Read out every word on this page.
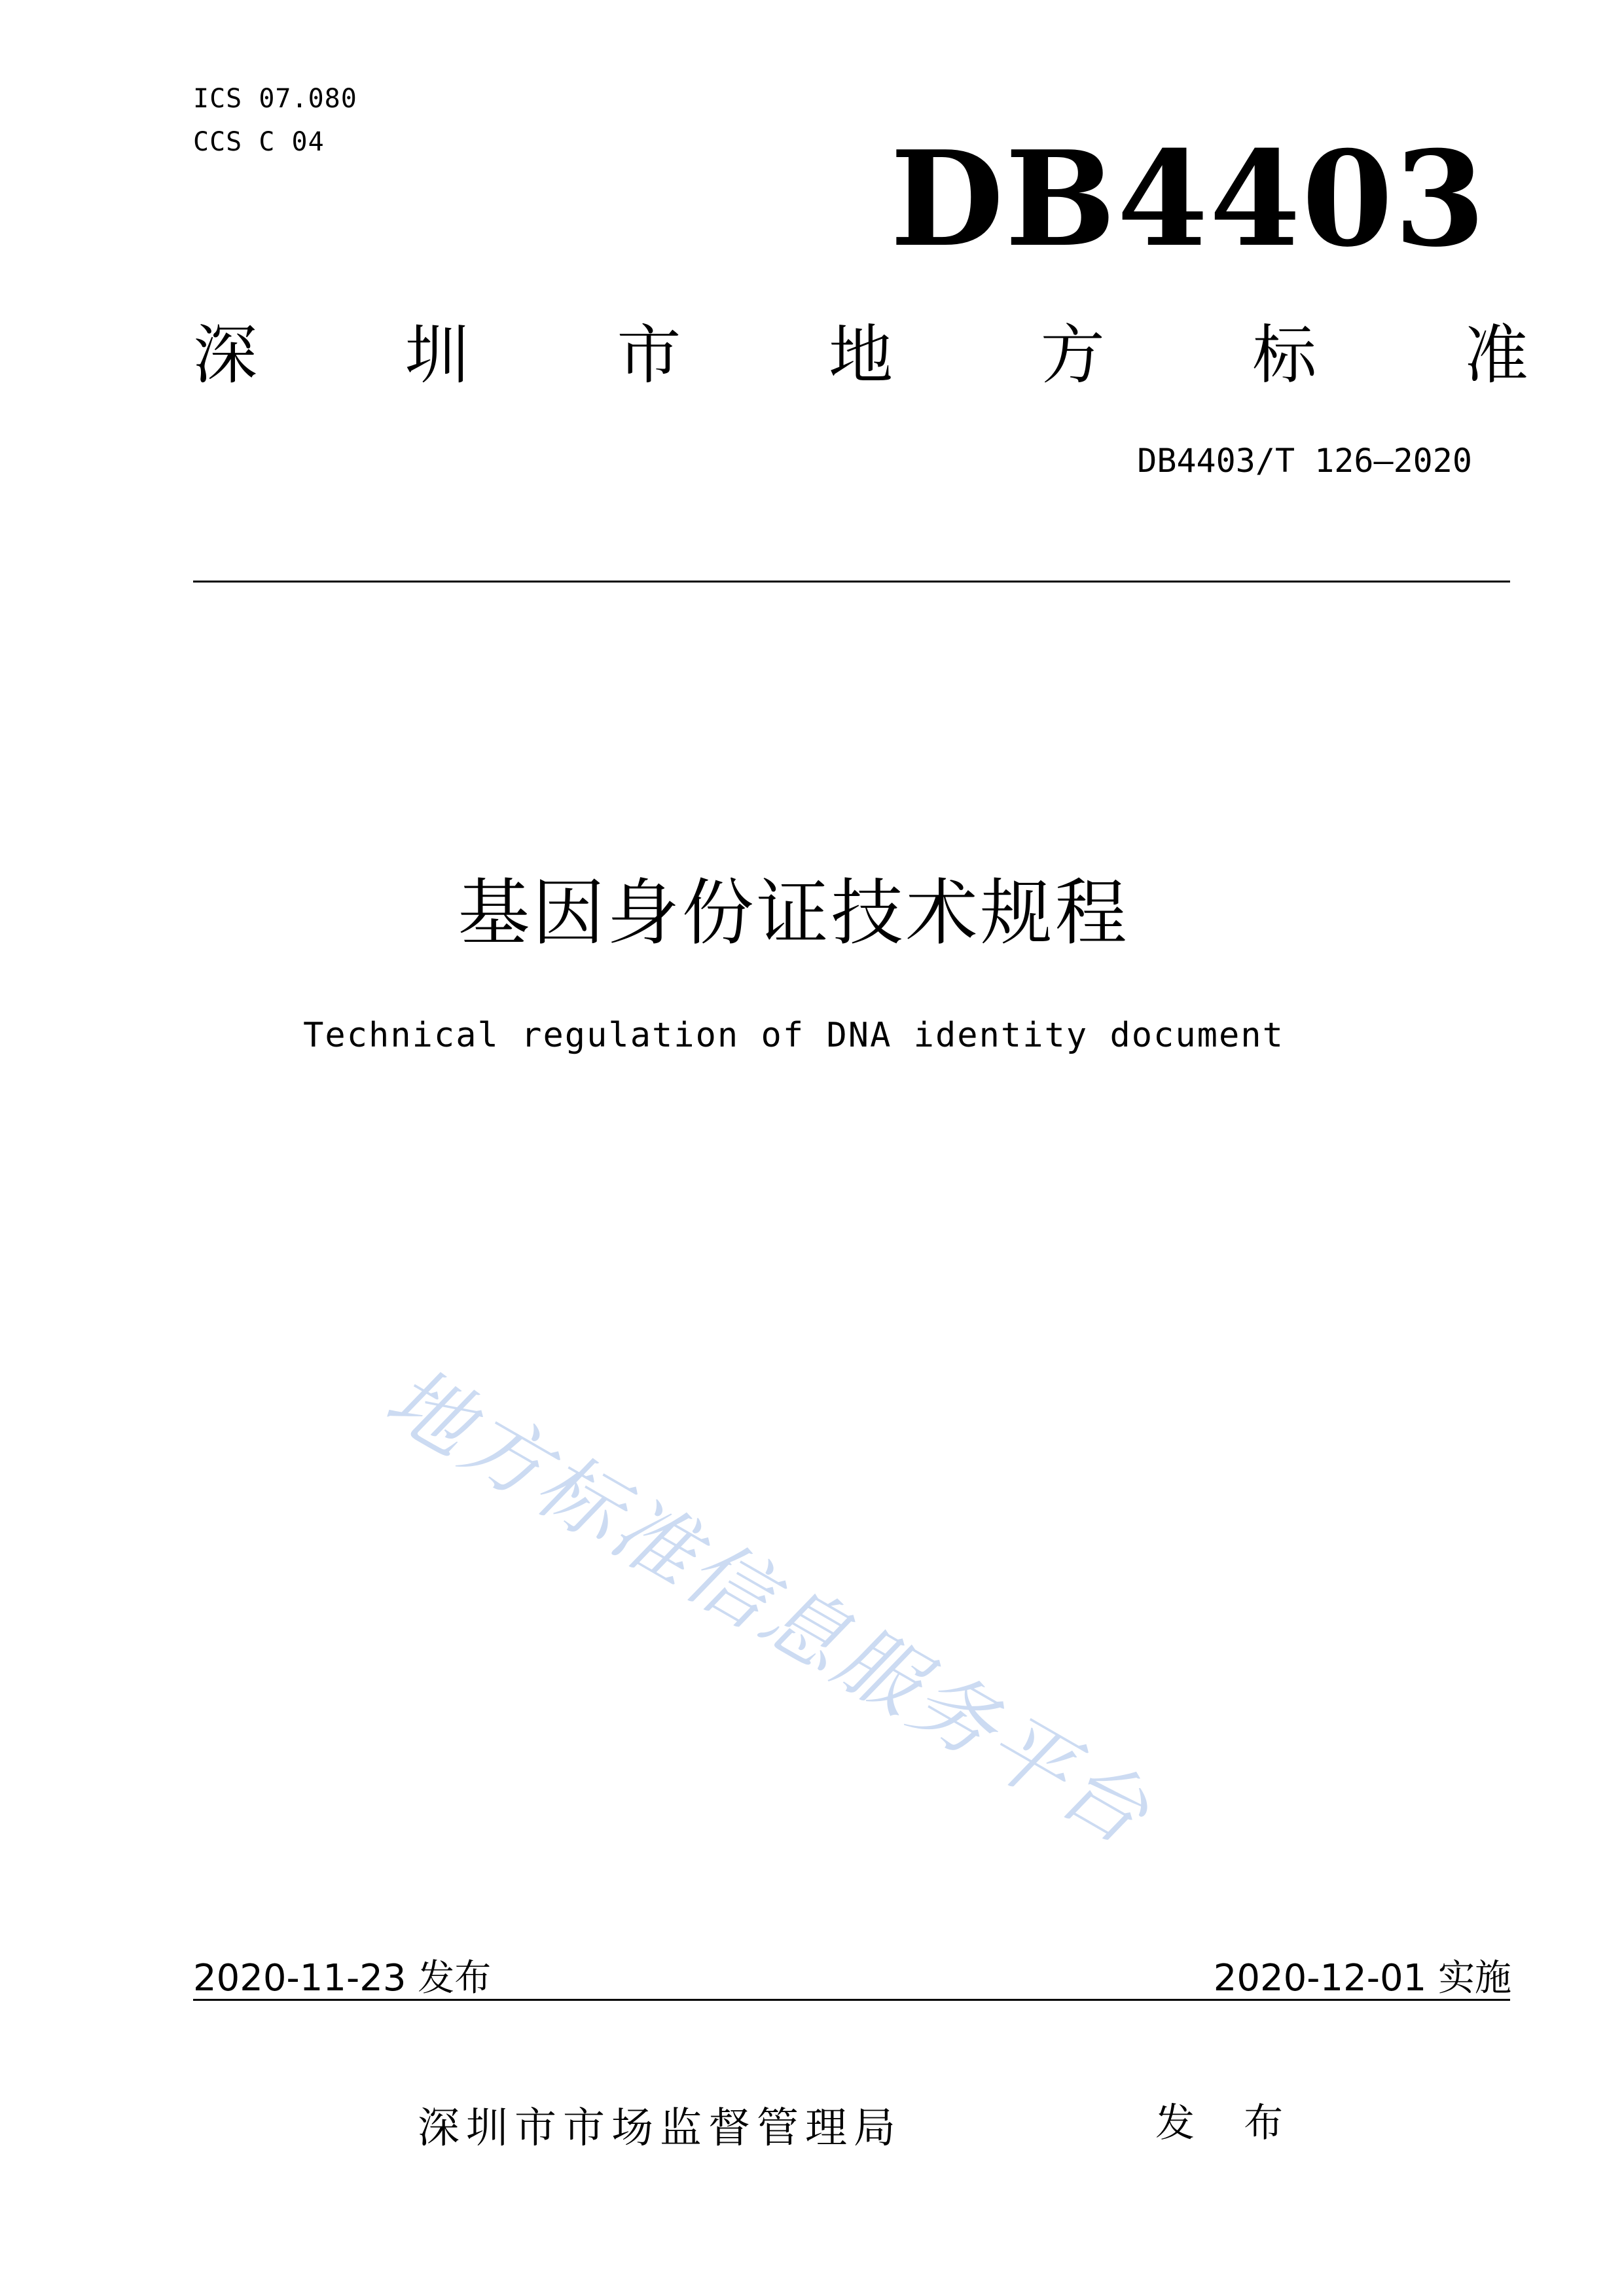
ICS 07.080
CCS C 04	DB4403
深 圳 市 地 方 标 准
DB4403/T 126—2020
基因身份证技术规程
Technical regulation of DNA identity document
地方标准信息服务平台
2020-11-23 发布	2020-12-01 实施
深圳市市场监督管理局	发 布
